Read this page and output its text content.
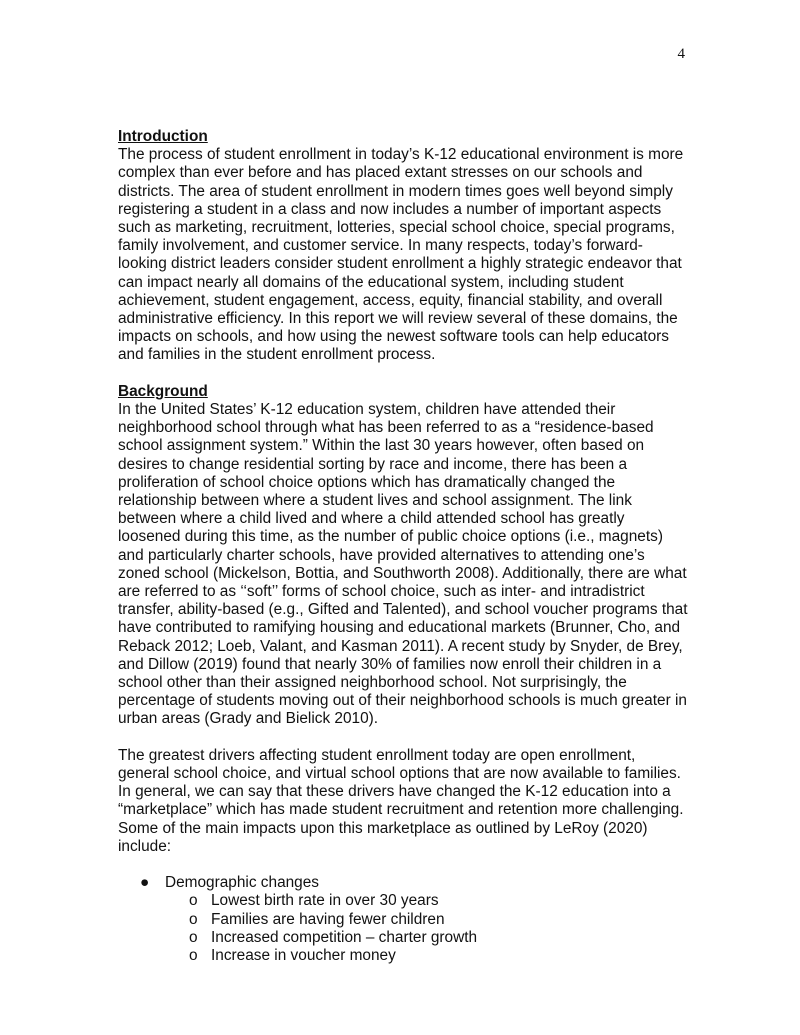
4

Introduction

The process of student enrollment in today’s K-12 educational environment is more complex than ever before and has placed extant stresses on our schools and districts. The area of student enrollment in modern times goes well beyond simply registering a student in a class and now includes a number of important aspects such as marketing, recruitment, lotteries, special school choice, special programs, family involvement, and customer service. In many respects, today’s forward-looking district leaders consider student enrollment a highly strategic endeavor that can impact nearly all domains of the educational system, including student achievement, student engagement, access, equity, financial stability, and overall administrative efficiency. In this report we will review several of these domains, the impacts on schools, and how using the newest software tools can help educators and families in the student enrollment process.

Background

In the United States’ K-12 education system, children have attended their neighborhood school through what has been referred to as a “residence-based school assignment system.” Within the last 30 years however, often based on desires to change residential sorting by race and income, there has been a proliferation of school choice options which has dramatically changed the relationship between where a student lives and school assignment. The link between where a child lived and where a child attended school has greatly loosened during this time, as the number of public choice options (i.e., magnets) and particularly charter schools, have provided alternatives to attending one’s zoned school (Mickelson, Bottia, and Southworth 2008). Additionally, there are what are referred to as ‘‘soft’’ forms of school choice, such as inter- and intradistrict transfer, ability-based (e.g., Gifted and Talented), and school voucher programs that have contributed to ramifying housing and educational markets (Brunner, Cho, and Reback 2012; Loeb, Valant, and Kasman 2011). A recent study by Snyder, de Brey, and Dillow (2019) found that nearly 30% of families now enroll their children in a school other than their assigned neighborhood school. Not surprisingly, the percentage of students moving out of their neighborhood schools is much greater in urban areas (Grady and Bielick 2010).

The greatest drivers affecting student enrollment today are open enrollment, general school choice, and virtual school options that are now available to families. In general, we can say that these drivers have changed the K-12 education into a “marketplace” which has made student recruitment and retention more challenging. Some of the main impacts upon this marketplace as outlined by LeRoy (2020) include:

● Demographic changes
o Lowest birth rate in over 30 years
o Families are having fewer children
o Increased competition – charter growth
o Increase in voucher money
